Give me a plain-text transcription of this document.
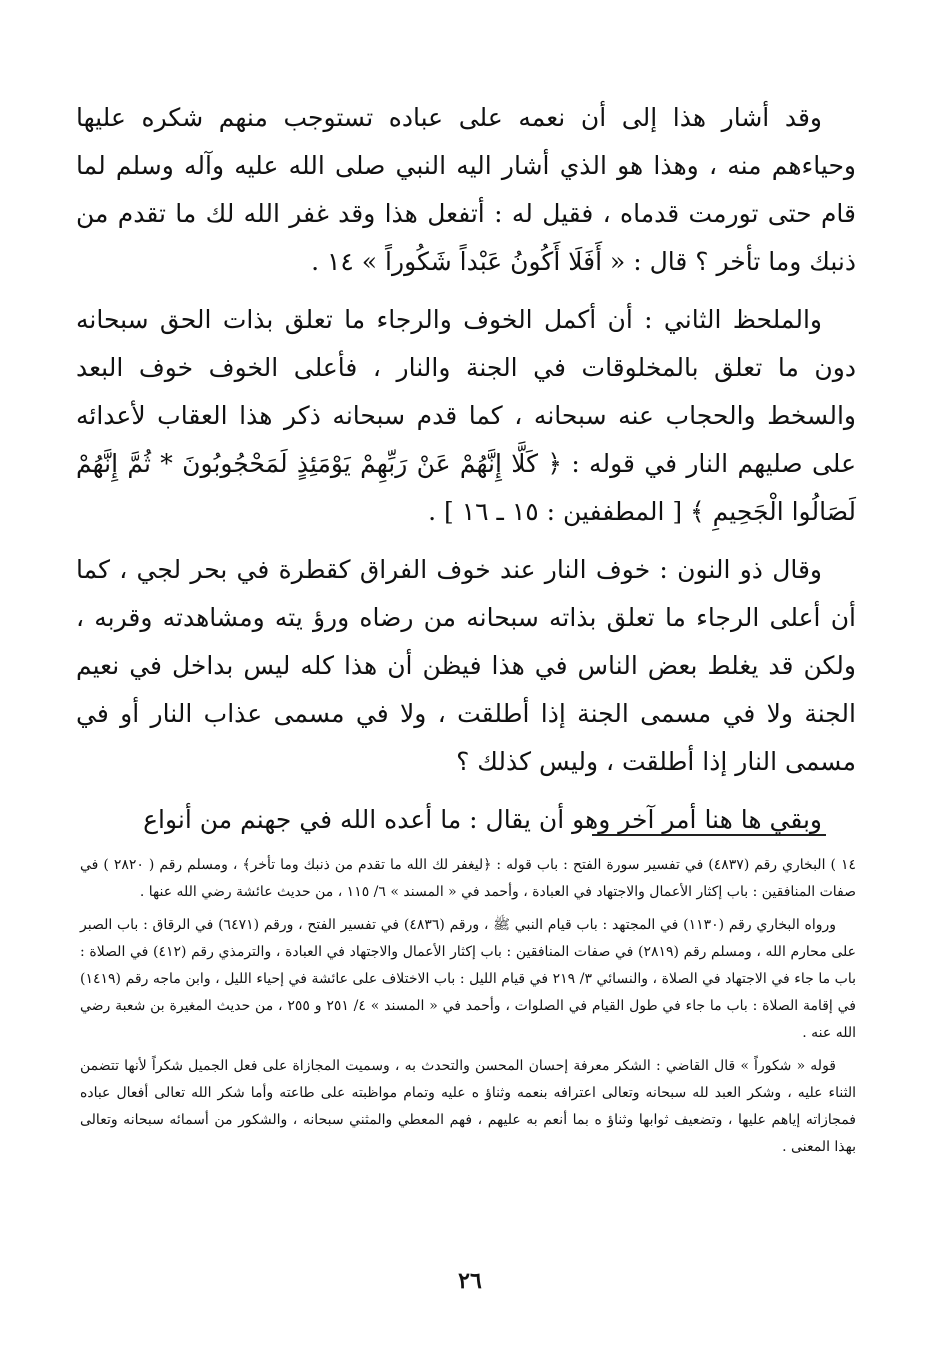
وقد أشار هذا إلى أن نعمه على عباده تستوجب منهم شكره عليها وحياءهم منه ، وهذا هو الذي أشار اليه النبي صلى الله عليه وآله وسلم لما قام حتى تورمت قدماه ، فقيل له : أتفعل هذا وقد غفر الله لك ما تقدم من ذنبك وما تأخر ؟ قال : « أَفَلَا أَكُونُ عَبْداً شَكُوراً » ١٤ .

والملحظ الثاني : أن أكمل الخوف والرجاء ما تعلق بذات الحق سبحانه دون ما تعلق بالمخلوقات في الجنة والنار ، فأعلى الخوف خوف البعد والسخط والحجاب عنه سبحانه ، كما قدم سبحانه ذكر هذا العقاب لأعدائه على صليهم النار في قوله : ﴿ كَلَّا إِنَّهُمْ عَنْ رَبِّهِمْ يَوْمَئِذٍ لَمَحْجُوبُونَ * ثُمَّ إِنَّهُمْ لَصَالُوا الْجَحِيمِ ﴾ [ المطففين : ١٥ ـ ١٦ ] .

وقال ذو النون : خوف النار عند خوف الفراق كقطرة في بحر لجي ، كما أن أعلى الرجاء ما تعلق بذاته سبحانه من رضاه ورؤ يته ومشاهدته وقربه ، ولكن قد يغلط بعض الناس في هذا فيظن أن هذا كله ليس بداخل في نعيم الجنة ولا في مسمى الجنة إذا أطلقت ، ولا في مسمى عذاب النار أو في مسمى النار إذا أطلقت ، وليس كذلك ؟

وبقي ها هنا أمر آخر وهو أن يقال : ما أعده الله في جهنم من أنواع

١٤ ) البخاري رقم (٤٨٣٧) في تفسير سورة الفتح : باب قوله : ﴿ليغفر لك الله ما تقدم من ذنبك وما تأخر﴾ ، ومسلم رقم ( ٢٨٢٠ ) في صفات المنافقين : باب إكثار الأعمال والاجتهاد في العبادة ، وأحمد في « المسند » ٦/ ١١٥ ، من حديث عائشة رضي الله عنها .

ورواه البخاري رقم (١١٣٠) في المجتهد : باب قيام النبي ﷺ ، ورقم (٤٨٣٦) في تفسير الفتح ، ورقم (٦٤٧١) في الرقاق : باب الصبر على محارم الله ، ومسلم رقم (٢٨١٩) في صفات المنافقين : باب إكثار الأعمال والاجتهاد في العبادة ، والترمذي رقم (٤١٢) في الصلاة : باب ما جاء في الاجتهاد في الصلاة ، والنسائي ٣/ ٢١٩ في قيام الليل : باب الاختلاف على عائشة في إحياء الليل ، وابن ماجه رقم (١٤١٩) في إقامة الصلاة : باب ما جاء في طول القيام في الصلوات ، وأحمد في « المسند » ٤/ ٢٥١ و ٢٥٥ ، من حديث المغيرة بن شعبة رضي الله عنه .

قوله « شكوراً » قال القاضي : الشكر معرفة إحسان المحسن والتحدث به ، وسميت المجازاة على فعل الجميل شكراً لأنها تتضمن الثناء عليه ، وشكر العبد لله سبحانه وتعالى اعترافه بنعمه وثناؤ ه عليه وتمام مواظبته على طاعته وأما شكر الله تعالى أفعال عباده فمجازاته إياهم عليها ، وتضعيف ثوابها وثناؤ ه بما أنعم به عليهم ، فهم المعطي والمثني سبحانه ، والشكور من أسمائه سبحانه وتعالى بهذا المعنى .

٢٦
